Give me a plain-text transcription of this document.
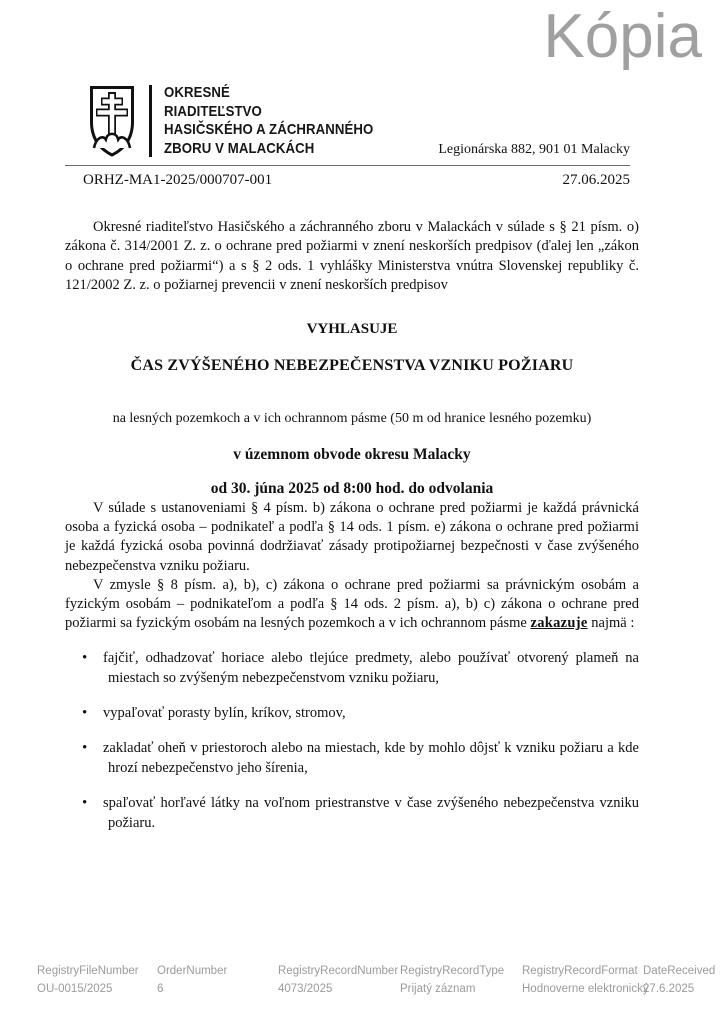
Kópia
OKRESNÉ
RIADITEĽSTVO
HASIČSKÉHO A ZÁCHRANNÉHO
ZBORU V MALACKÁCH	Legionárska 882, 901 01 Malacky
ORHZ-MA1-2025/000707-001	27.06.2025

Okresné riaditeľstvo Hasičského a záchranného zboru v Malackách v súlade s § 21 písm. o) zákona č. 314/2001 Z. z. o ochrane pred požiarmi v znení neskorších predpisov (ďalej len „zákon o ochrane pred požiarmi“) a s § 2 ods. 1 vyhlášky Ministerstva vnútra Slovenskej republiky č. 121/2002 Z. z. o požiarnej prevencii v znení neskorších predpisov

VYHLASUJE
ČAS ZVÝŠENÉHO NEBEZPEČENSTVA VZNIKU POŽIARU
na lesných pozemkoch a v ich ochrannom pásme (50 m od hranice lesného pozemku)
v územnom obvode okresu Malacky
od 30. júna 2025 od 8:00 hod. do odvolania

V súlade s ustanoveniami § 4 písm. b) zákona o ochrane pred požiarmi je každá právnická osoba a fyzická osoba – podnikateľ a podľa § 14 ods. 1 písm. e) zákona o ochrane pred požiarmi je každá fyzická osoba povinná dodržiavať zásady protipožiarnej bezpečnosti v čase zvýšeného nebezpečenstva vzniku požiaru.

V zmysle § 8 písm. a), b), c) zákona o ochrane pred požiarmi sa právnickým osobám a fyzickým osobám – podnikateľom a podľa § 14 ods. 2 písm. a), b) c) zákona o ochrane pred požiarmi sa fyzickým osobám na lesných pozemkoch a v ich ochrannom pásme zakazuje najmä :

• fajčiť, odhadzovať horiace alebo tlejúce predmety, alebo používať otvorený plameň na miestach so zvýšeným nebezpečenstvom vzniku požiaru,
• vypaľovať porasty bylín, kríkov, stromov,
• zakladať oheň v priestoroch alebo na miestach, kde by mohlo dôjsť k vzniku požiaru a kde hrozí nebezpečenstvo jeho šírenia,
• spaľovať horľavé látky na voľnom priestranstve v čase zvýšeného nebezpečenstva vzniku požiaru.
RegistryFileNumber
OU-0015/2025
OrderNumber
6
RegistryRecordNumber
4073/2025
RegistryRecordType
Prijatý záznam
RegistryRecordFormat
Hodnoverne elektronický
DateReceived
27.6.2025
